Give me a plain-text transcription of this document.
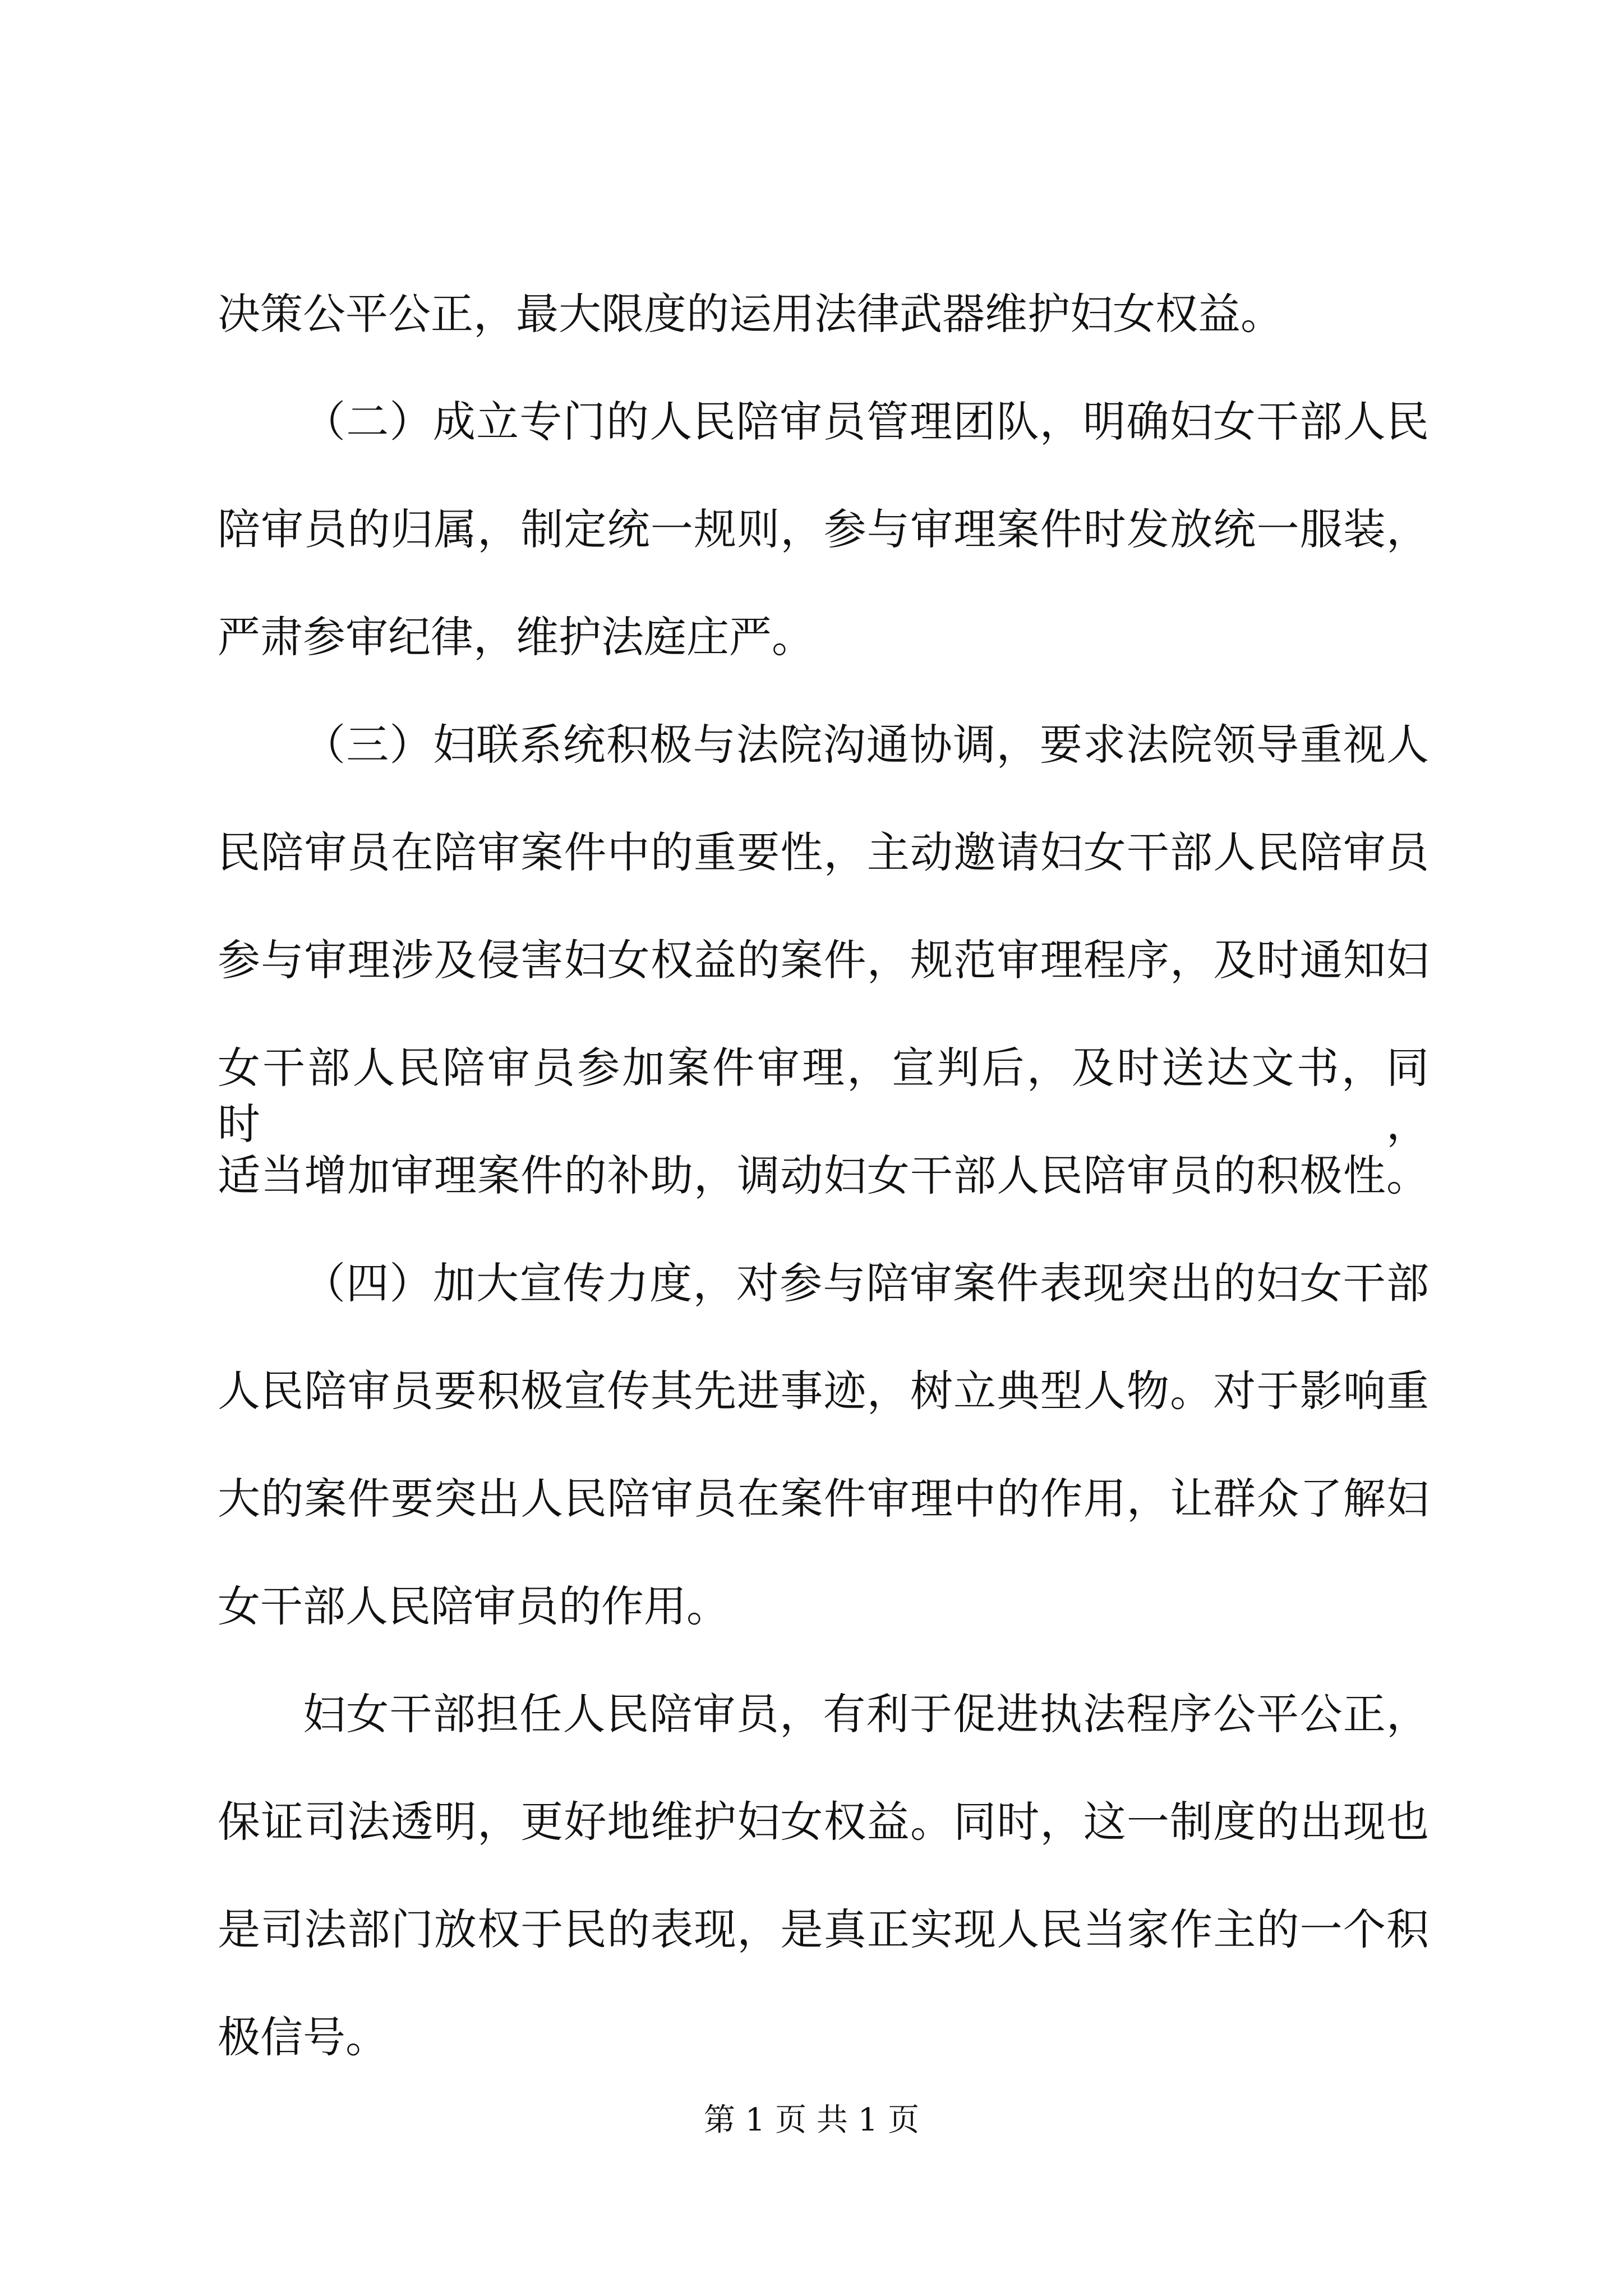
决策公平公正，最大限度的运用法律武器维护妇女权益。
（二）成立专门的人民陪审员管理团队，明确妇女干部人民
陪审员的归属，制定统一规则，参与审理案件时发放统一服装，
严肃参审纪律，维护法庭庄严。
（三）妇联系统积极与法院沟通协调，要求法院领导重视人
民陪审员在陪审案件中的重要性，主动邀请妇女干部人民陪审员
参与审理涉及侵害妇女权益的案件，规范审理程序，及时通知妇
女干部人民陪审员参加案件审理，宣判后，及时送达文书，同时，
适当增加审理案件的补助，调动妇女干部人民陪审员的积极性。
（四）加大宣传力度，对参与陪审案件表现突出的妇女干部
人民陪审员要积极宣传其先进事迹，树立典型人物。对于影响重
大的案件要突出人民陪审员在案件审理中的作用，让群众了解妇
女干部人民陪审员的作用。
妇女干部担任人民陪审员，有利于促进执法程序公平公正，
保证司法透明，更好地维护妇女权益。同时，这一制度的出现也
是司法部门放权于民的表现，是真正实现人民当家作主的一个积
极信号。
第 1 页 共 1 页
